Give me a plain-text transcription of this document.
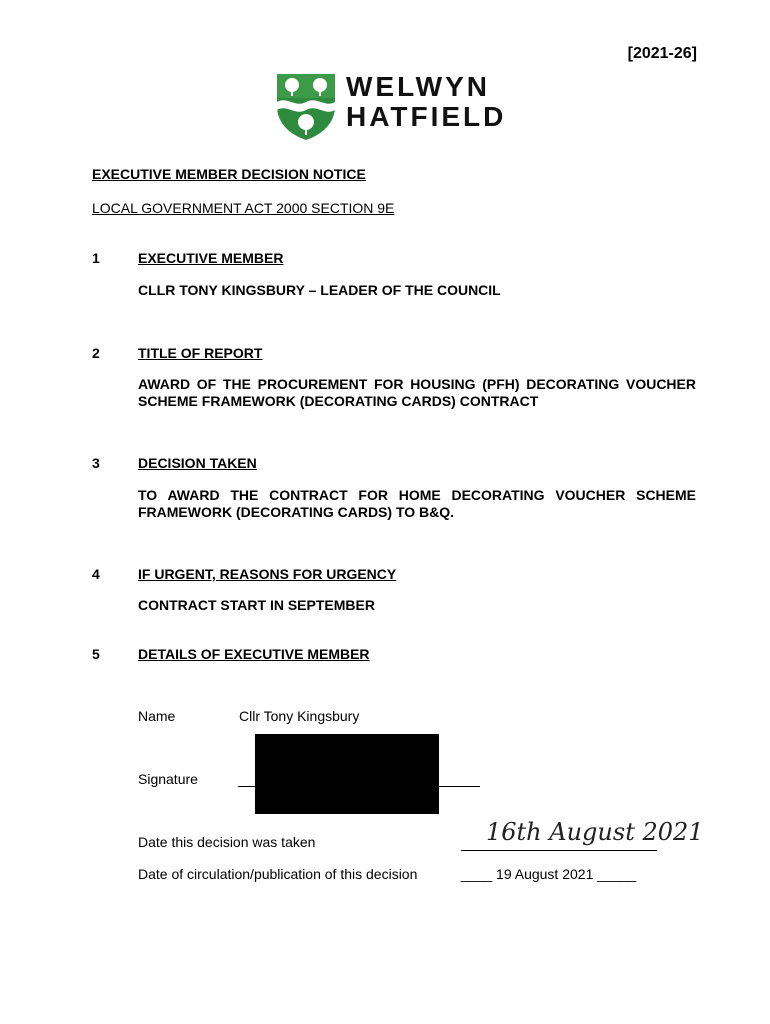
[2021-26]
WELWYN
HATFIELD
EXECUTIVE MEMBER DECISION NOTICE
LOCAL GOVERNMENT ACT 2000 SECTION 9E
1	EXECUTIVE MEMBER
CLLR TONY KINGSBURY – LEADER OF THE COUNCIL
2	TITLE OF REPORT
AWARD OF THE PROCUREMENT FOR HOUSING (PFH) DECORATING VOUCHER SCHEME FRAMEWORK (DECORATING CARDS) CONTRACT
3	DECISION TAKEN
TO AWARD THE CONTRACT FOR HOME DECORATING VOUCHER SCHEME FRAMEWORK (DECORATING CARDS) TO B&Q.
4	IF URGENT, REASONS FOR URGENCY
CONTRACT START IN SEPTEMBER
5	DETAILS OF EXECUTIVE MEMBER
Name	Cllr Tony Kingsbury
Signature
Date this decision was taken	16th August 2021
Date of circulation/publication of this decision	____ 19 August 2021 _____
